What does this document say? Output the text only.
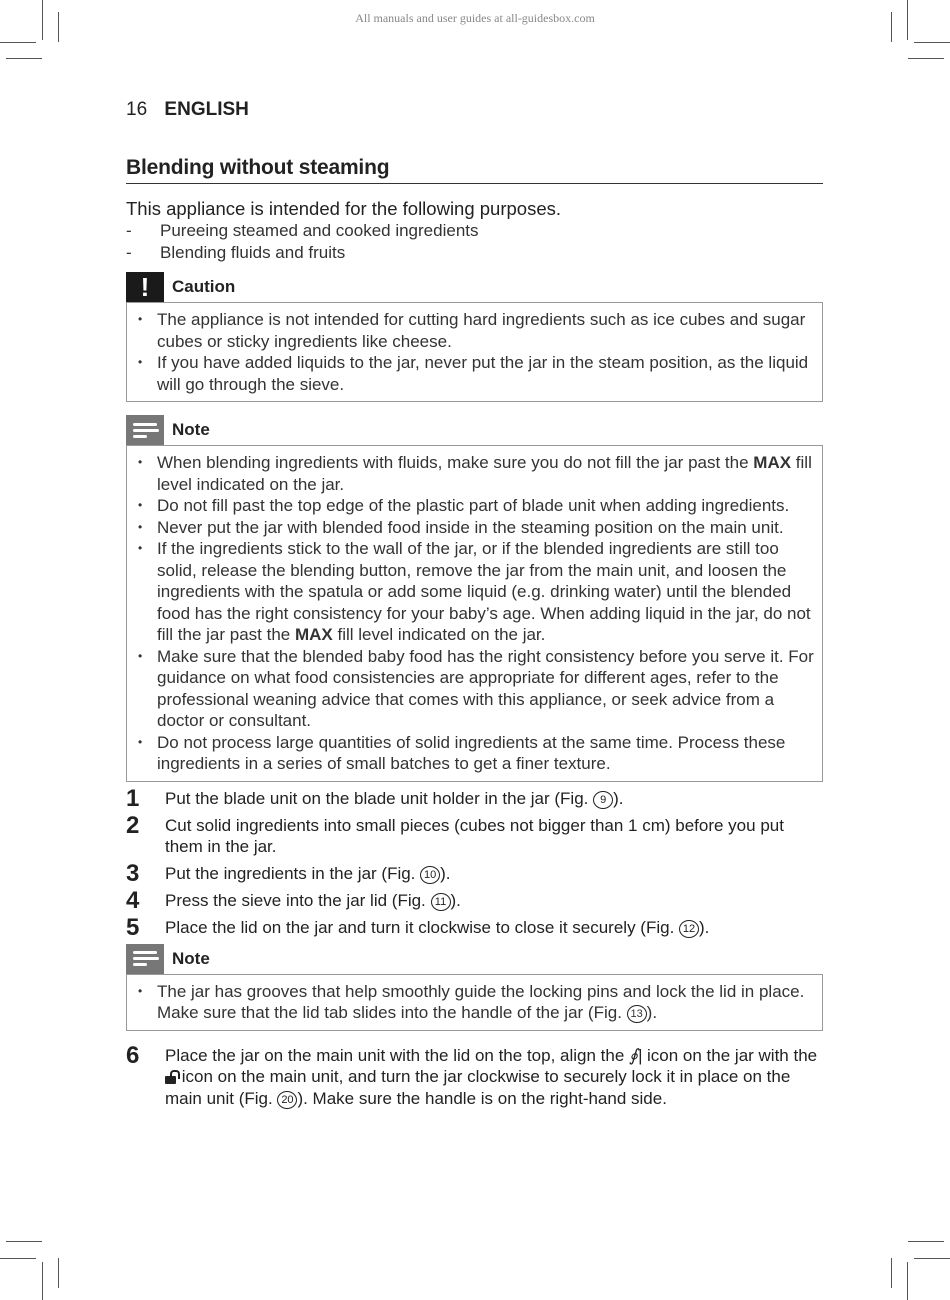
All manuals and user guides at all-guidesbox.com
16 ENGLISH
Blending without steaming
This appliance is intended for the following purposes.
- Pureeing steamed and cooked ingredients
- Blending fluids and fruits
!	Caution
• The appliance is not intended for cutting hard ingredients such as ice cubes and sugar cubes or sticky ingredients like cheese.
• If you have added liquids to the jar, never put the jar in the steam position, as the liquid will go through the sieve.
Note
• When blending ingredients with fluids, make sure you do not fill the jar past the MAX fill level indicated on the jar.
• Do not fill past the top edge of the plastic part of blade unit when adding ingredients.
• Never put the jar with blended food inside in the steaming position on the main unit.
• If the ingredients stick to the wall of the jar, or if the blended ingredients are still too solid, release the blending button, remove the jar from the main unit, and loosen the ingredients with the spatula or add some liquid (e.g. drinking water) until the blended food has the right consistency for your baby’s age. When adding liquid in the jar, do not fill the jar past the MAX fill level indicated on the jar.
• Make sure that the blended baby food has the right consistency before you serve it. For guidance on what food consistencies are appropriate for different ages, refer to the professional weaning advice that comes with this appliance, or seek advice from a doctor or consultant.
• Do not process large quantities of solid ingredients at the same time. Process these ingredients in a series of small batches to get a finer texture.
1	Put the blade unit on the blade unit holder in the jar (Fig. 9 ).
2	Cut solid ingredients into small pieces (cubes not bigger than 1 cm) before you put them in the jar.
3	Put the ingredients in the jar (Fig. 10 ).
4	Press the sieve into the jar lid (Fig. 11 ).
5	Place the lid on the jar and turn it clockwise to close it securely (Fig. 12 ).
Note
• The jar has grooves that help smoothly guide the locking pins and lock the lid in place. Make sure that the lid tab slides into the handle of the jar (Fig. 13 ).
6	Place the jar on the main unit with the lid on the top, align the ∮| icon on the jar with the
icon on the main unit, and turn the jar clockwise to securely lock it in place on the main unit (Fig. 20 ). Make sure the handle is on the right-hand side.
